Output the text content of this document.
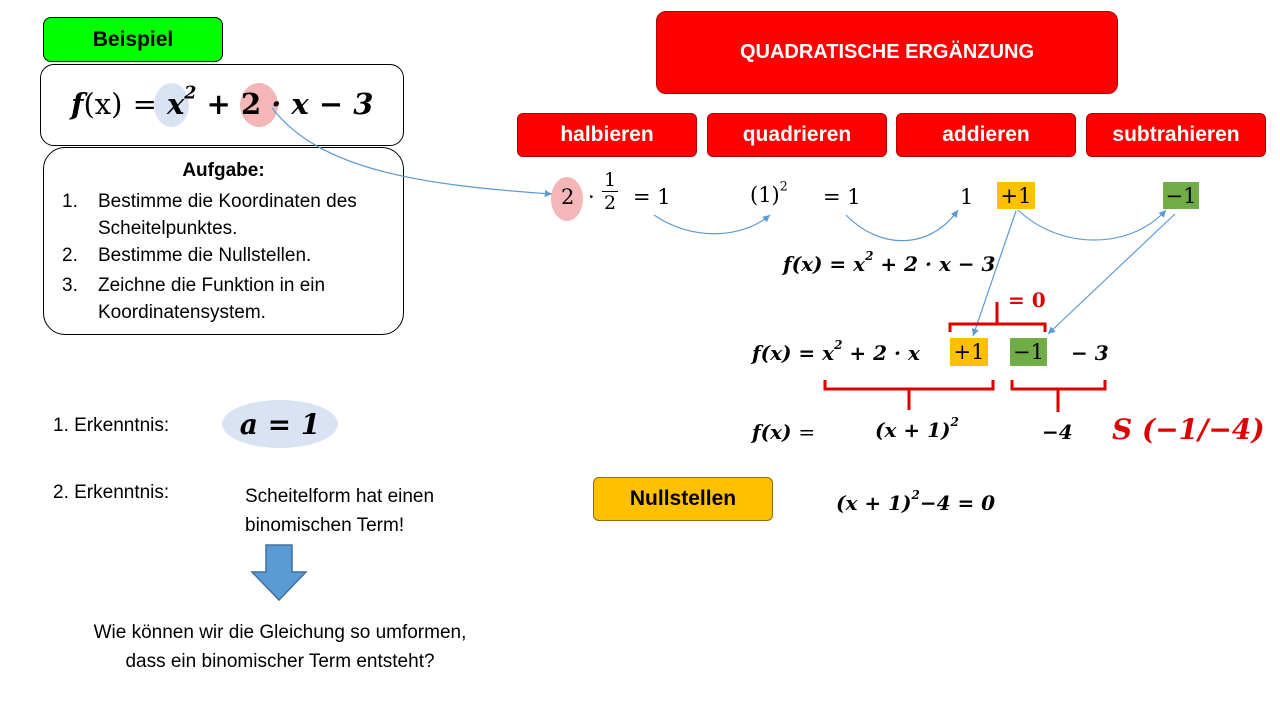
Beispiel
$f(x) = x^2 + 2 \cdot x - 3$
Aufgabe:
1. Bestimme die Koordinaten des Scheitelpunktes.
2. Bestimme die Nullstellen.
3. Zeichne die Funktion in ein Koordinatensystem.
1. Erkenntnis:	a = 1
2. Erkenntnis:	Scheitelform hat einen
binomischen Term!
Wie können wir die Gleichung so umformen,
dass ein binomischer Term entsteht?
QUADRATISCHE ERGÄNZUNG
halbieren	quadrieren	addieren	subtrahieren
2 ·
1
2 = 1	$(1)^2 = 1$	1 +1	−1
$f(x) = x^2 + 2 \cdot x - 3$
= 0
$f(x) = x^2 + 2 \cdot x +1 -1 - 3$
f(x) =	$(x + 1)^2$	−4 S (−1/−4)
Nullstellen	$(x + 1)^2-4 = 0$
